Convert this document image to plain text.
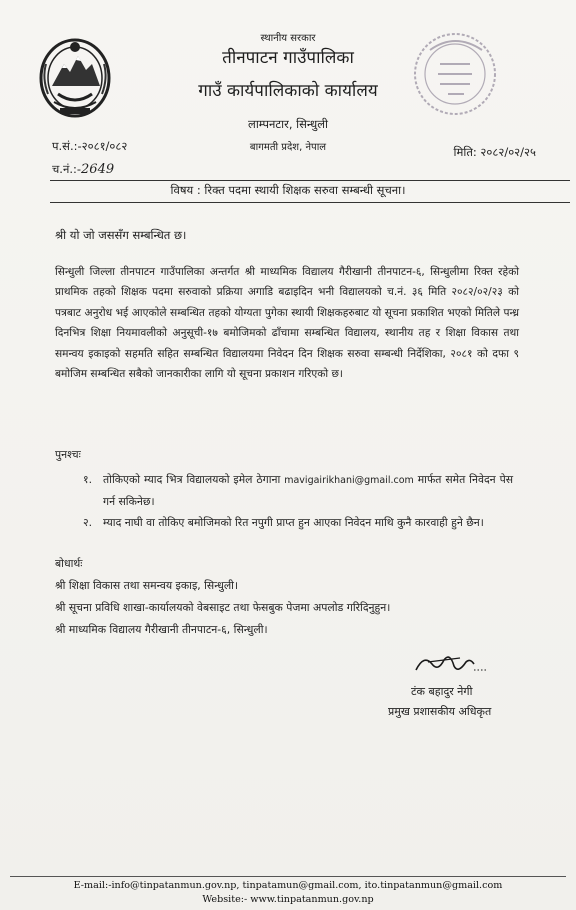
स्थानीय सरकार
तीनपाटन गाउँपालिका
गाउँ कार्यपालिकाको कार्यालय
लाम्पनटार, सिन्धुली
बागमती प्रदेश, नेपाल
प.सं.:-२०८१/०८२
च.नं.:-2649
मिति: २०८२/०२/२५
विषय : रिक्त पदमा स्थायी शिक्षक सरुवा सम्बन्धी सूचना।
श्री यो जो जससँग सम्बन्धित छ।
सिन्धुली जिल्ला तीनपाटन गाउँपालिका अन्तर्गत श्री माध्यमिक विद्यालय गैरीखानी तीनपाटन-६, सिन्धुलीमा रिक्त रहेको प्राथमिक तहको शिक्षक पदमा सरुवाको प्रक्रिया अगाडि बढाइदिन भनी विद्यालयको च.नं. ३६ मिति २०८२/०२/२३ को पत्रबाट अनुरोध भई आएकोले सम्बन्धित तहको योग्यता पुगेका स्थायी शिक्षकहरुबाट यो सूचना प्रकाशित भएको मितिले पन्ध्र दिनभित्र शिक्षा नियमावलीको अनुसूची-१७ बमोजिमको ढाँचामा सम्बन्धित विद्यालय, स्थानीय तह र शिक्षा विकास तथा समन्वय इकाइको सहमति सहित सम्बन्धित विद्यालयमा निवेदन दिन शिक्षक सरुवा सम्बन्धी निर्देशिका, २०८१ को दफा ९ बमोजिम सम्बन्धित सबैको जानकारीका लागि यो सूचना प्रकाशन गरिएको छ।
पुनश्चः
१. तोकिएको म्याद भित्र विद्यालयको इमेल ठेगाना mavigairikhani@gmail.com मार्फत समेत निवेदन पेस गर्न सकिनेछ।
२. म्याद नाघी वा तोकिए बमोजिमको रित नपुगी प्राप्त हुन आएका निवेदन माथि कुनै कारवाही हुने छैन।
बोधार्थः
श्री शिक्षा विकास तथा समन्वय इकाइ, सिन्धुली।
श्री सूचना प्रविधि शाखा-कार्यालयको वेबसाइट तथा फेसबुक पेजमा अपलोड गरिदिनुहुन।
श्री माध्यमिक विद्यालय गैरीखानी तीनपाटन-६, सिन्धुली।
टंक बहादुर नेगी
प्रमुख प्रशासकीय अधिकृत
E-mail:-info@tinpatanmun.gov.np, tinpatamun@gmail.com, ito.tinpatanmun@gmail.com
Website:- www.tinpatanmun.gov.np
